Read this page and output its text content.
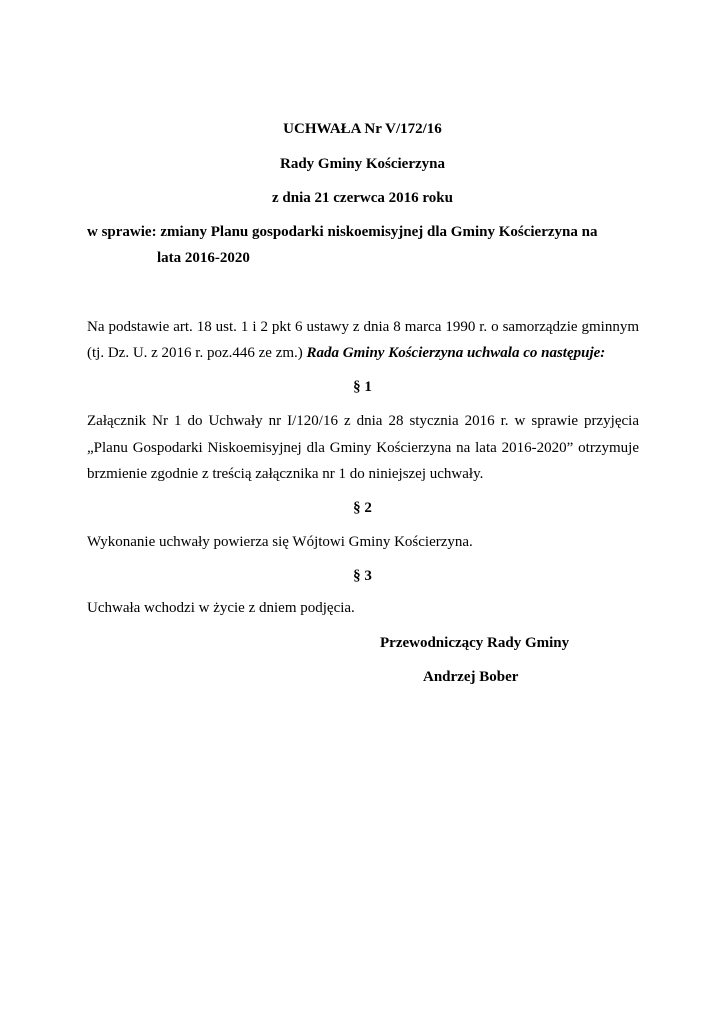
UCHWAŁA Nr V/172/16
Rady Gminy Kościerzyna
z dnia 21 czerwca 2016 roku
w sprawie: zmiany Planu gospodarki niskoemisyjnej dla Gminy Kościerzyna na
lata 2016-2020
Na podstawie art. 18 ust. 1 i 2 pkt 6 ustawy z dnia 8 marca 1990 r. o samorządzie gminnym
(tj. Dz. U. z 2016 r. poz.446 ze zm.) Rada Gminy Kościerzyna uchwala co następuje:
§ 1
Załącznik Nr 1 do Uchwały nr I/120/16 z dnia 28 stycznia 2016 r. w sprawie przyjęcia
„Planu Gospodarki Niskoemisyjnej dla Gminy Kościerzyna na lata 2016-2020” otrzymuje
brzmienie zgodnie z treścią załącznika nr 1 do niniejszej uchwały.
§ 2
Wykonanie uchwały powierza się Wójtowi Gminy Kościerzyna.
§ 3
Uchwała wchodzi w życie z dniem podjęcia.
Przewodniczący Rady Gminy
Andrzej Bober
